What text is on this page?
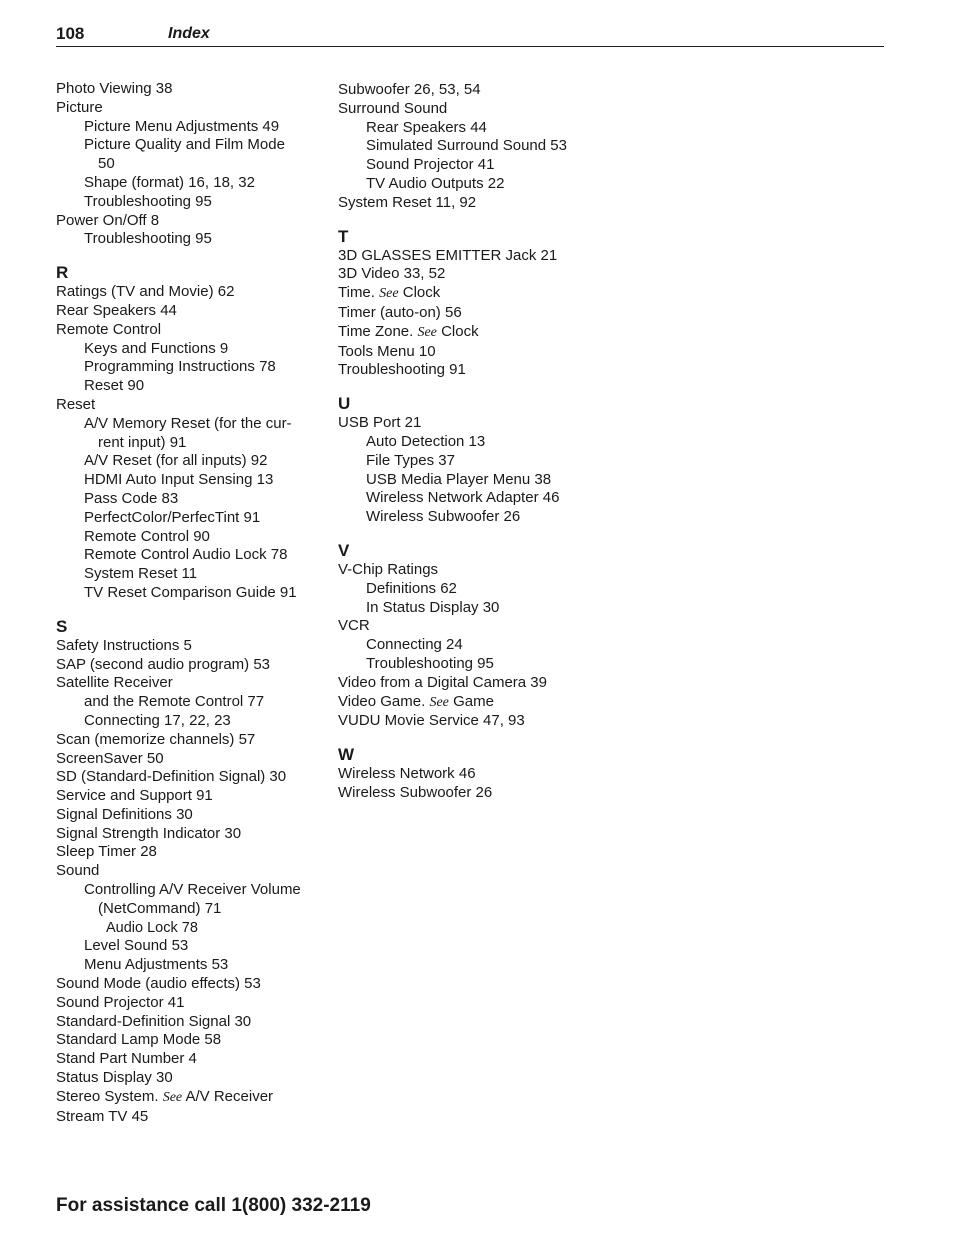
108	Index
Photo Viewing 38
Picture
Picture Menu Adjustments 49
Picture Quality and Film Mode
50
Shape (format) 16, 18, 32
Troubleshooting 95
Power On/Off 8
Troubleshooting 95
R
Ratings (TV and Movie) 62
Rear Speakers 44
Remote Control
Keys and Functions 9
Programming Instructions 78
Reset 90
Reset
A/V Memory Reset (for the cur-
rent input) 91
A/V Reset (for all inputs) 92
HDMI Auto Input Sensing 13
Pass Code 83
PerfectColor/PerfecTint 91
Remote Control 90
Remote Control Audio Lock 78
System Reset 11
TV Reset Comparison Guide 91
S
Safety Instructions 5
SAP (second audio program) 53
Satellite Receiver
and the Remote Control 77
Connecting 17, 22, 23
Scan (memorize channels) 57
ScreenSaver 50
SD (Standard-Definition Signal) 30
Service and Support 91
Signal Definitions 30
Signal Strength Indicator 30
Sleep Timer 28
Sound
Controlling A/V Receiver Volume
(NetCommand) 71
Audio Lock 78
Level Sound 53
Menu Adjustments 53
Sound Mode (audio effects) 53
Sound Projector 41
Standard-Definition Signal 30
Standard Lamp Mode 58
Stand Part Number 4
Status Display 30
Stereo System. See A/V Receiver
Stream TV 45
Subwoofer 26, 53, 54
Surround Sound
Rear Speakers 44
Simulated Surround Sound 53
Sound Projector 41
TV Audio Outputs 22
System Reset 11, 92
T
3D GLASSES EMITTER Jack 21
3D Video 33, 52
Time. See Clock
Timer (auto-on) 56
Time Zone. See Clock
Tools Menu 10
Troubleshooting 91
U
USB Port 21
Auto Detection 13
File Types 37
USB Media Player Menu 38
Wireless Network Adapter 46
Wireless Subwoofer 26
V
V-Chip Ratings
Definitions 62
In Status Display 30
VCR
Connecting 24
Troubleshooting 95
Video from a Digital Camera 39
Video Game. See Game
VUDU Movie Service 47, 93
W
Wireless Network 46
Wireless Subwoofer 26
For assistance call 1(800) 332-2119
